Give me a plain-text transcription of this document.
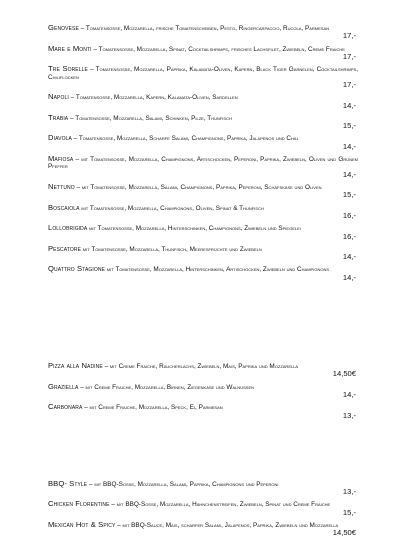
Genovese – Tomatensosse, Mozzarella, frische Tomatenscheiben, Pesto, Ringercarpaccio, Rucola, Parmesan
17,-
Mare e Monti – Tomatensosse, Mozzarella, Spinat, Cocktailshrimps, frisches Lachsfilet, Zwiebeln, Creme Fraiche
17,-
Tre Sorelle – Tomatensosse, Mozzarella, Paprika, Kalamata-Oliven, Kapern, Black Tiger Garnelen, Cocktailshrimps, Chiliflocken
17,-
Napoli – Tomatensosse, Mozzarella, Kapern, Kalamata-Oliven, Sardellen
14,-
Trabia – Tomatensosse, Mozzarella, Salami, Schinken, Pilze, Thunfisch
15,-
Diavola – Tomatensosse, Mozzarella, Scharfe Salami, Champignons, Paprika, Jalapenos und Chili
14,-
Mafiosa – mit Tomatensosse, Mozzarella, Champignons, Artischocken, Peperoni, Paprika, Zwiebeln, Oliven und Grünem Pfeffer
14,-
Nettuno – mit Tomatensosse, Mozzarella, Salami, Champignons, Paprika, Peperoni, Schafskäse und Oliven
15,-
Boscaiola mit Tomatensosse, Mozzarella, Champignons, Oliven, Spinat & Thunfisch
16,-
Lollobrigida mit Tomatensosse, Mozzarella, Hinterschinken, Champignons, Zwiebeln und Spiegelei
16,-
Pescatore mit Tomatensosse, Mozzarella, Thunfisch, Meeresfrüchte und Zwiebeln
14,-
Quattro Stagione mit Tomatensosse, Mozzarella, Hinterschinken, Artischocken, Zwiebeln und Champignons
14,-
Pizza alla Nadine – mit Creme Fraiche, Räucherlachs, Zwiebeln, Mais, Paprika und Mozzarella
14,50€
Graziella – mit Creme Fraiche, Mozzarella, Birnen, Ziegenkäse und Walnüssen
14,-
Carbonara – mit Creme Fraiche, Mozzarella, Speck, Ei, Parmesan
13,-
BBQ- Style – mit BBQ-Sosse, Mozzarella, Salami, Paprika, Champignons und Peperoni
13,-
Chicken Florentine – mit BBQ-Sosse, Mozzarella, Hähnchenstreifen, Zwiebeln, Spinat und Creme Fraiche
15,-
Mexican Hot & Spicy – mit BBQ-Sauce, Mais, scharfer Salami, Jalapenos, Paprika, Zwiebeln und Mozzarella
14,50€
